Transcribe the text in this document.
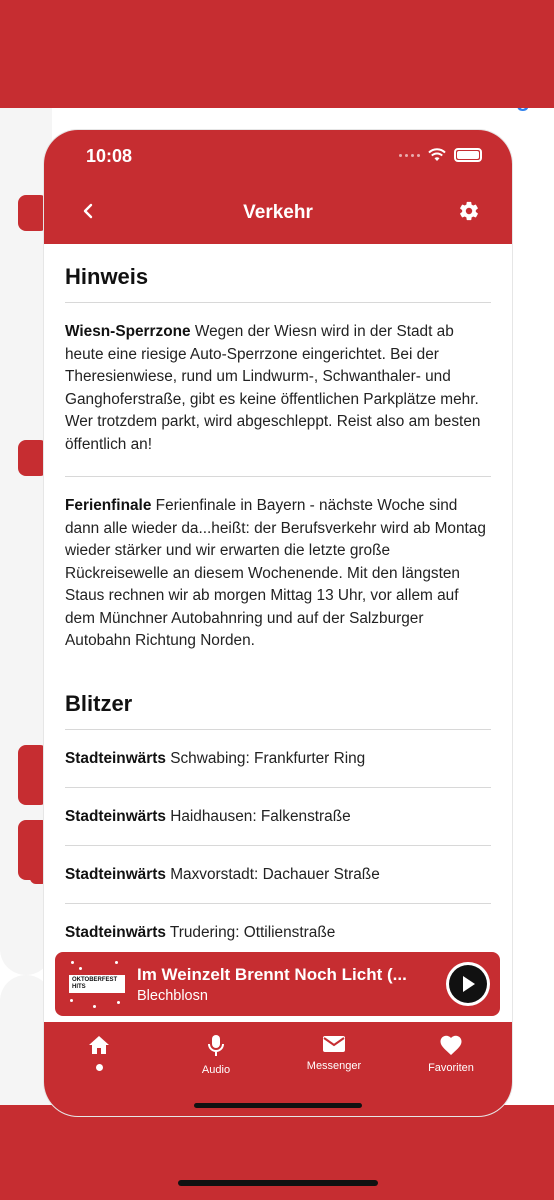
10:08
Verkehr
Hinweis
Wiesn-Sperrzone Wegen der Wiesn wird in der Stadt ab heute eine riesige Auto-Sperrzone eingerichtet. Bei der Theresienwiese, rund um Lindwurm-, Schwanthaler- und Ganghoferstraße, gibt es keine öffentlichen Parkplätze mehr. Wer trotzdem parkt, wird abgeschleppt. Reist also am besten öffentlich an!
Ferienfinale Ferienfinale in Bayern - nächste Woche sind dann alle wieder da...heißt: der Berufsverkehr wird ab Montag wieder stärker und wir erwarten die letzte große Rückreisewelle an diesem Wochenende. Mit den längsten Staus rechnen wir ab morgen Mittag 13 Uhr, vor allem auf dem Münchner Autobahnring und auf der Salzburger Autobahn Richtung Norden.
Blitzer
Stadteinwärts Schwabing: Frankfurter Ring
Stadteinwärts Haidhausen: Falkenstraße
Stadteinwärts Maxvorstadt: Dachauer Straße
Stadteinwärts Trudering: Ottilienstraße
OKTOBERFEST HITS
Im Weinzelt Brennt Noch Licht (...
Blechblosn
Audio	Messenger	Favoriten
